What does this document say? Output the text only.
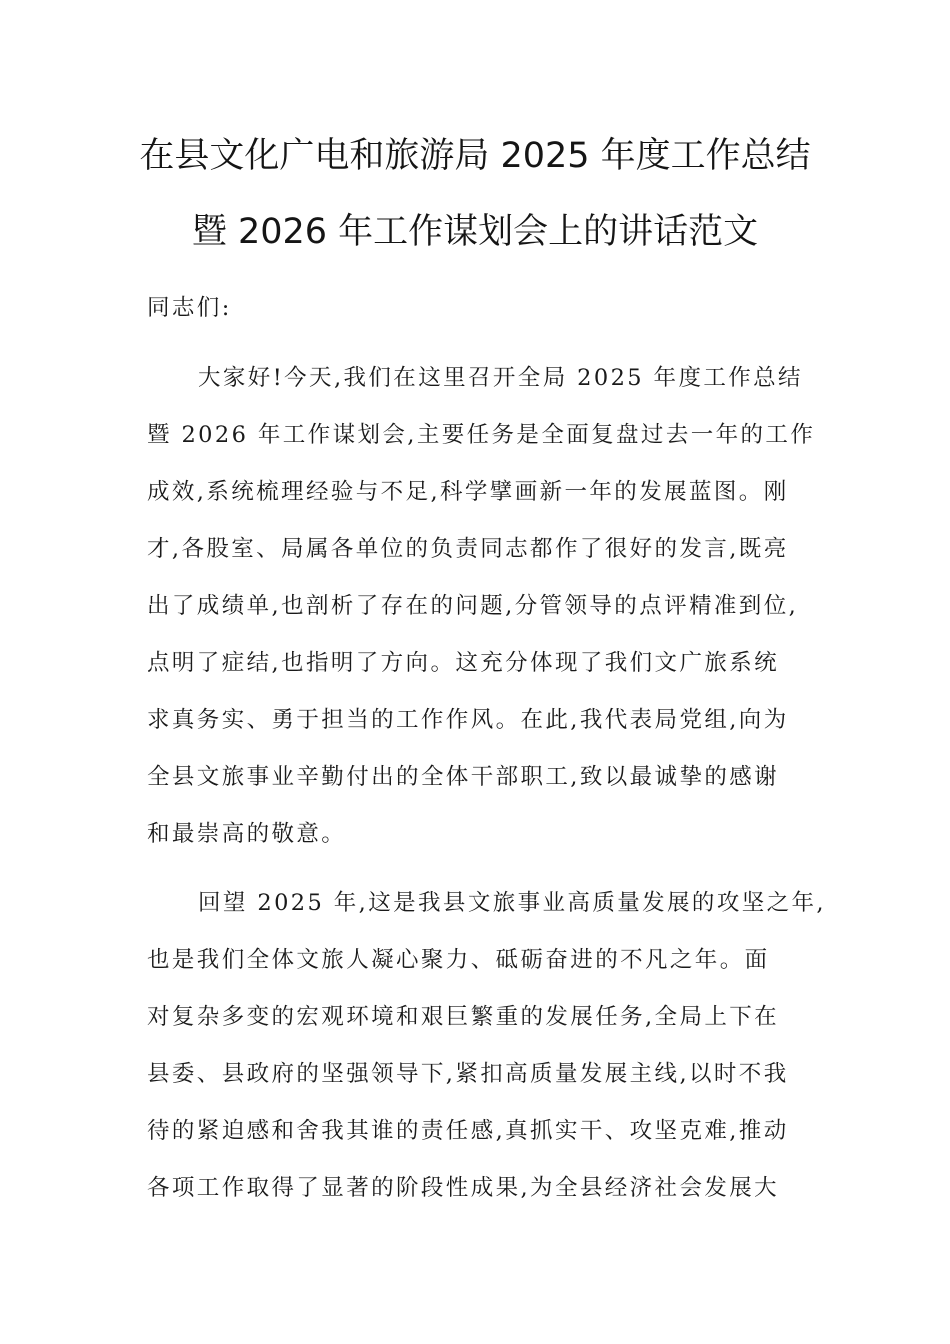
在县文化广电和旅游局 2025 年度工作总结
暨 2026 年工作谋划会上的讲话范文
同志们:
大家好!今天,我们在这里召开全局 2025 年度工作总结
暨 2026 年工作谋划会,主要任务是全面复盘过去一年的工作
成效,系统梳理经验与不足,科学擘画新一年的发展蓝图。刚
才,各股室、局属各单位的负责同志都作了很好的发言,既亮
出了成绩单,也剖析了存在的问题,分管领导的点评精准到位,
点明了症结,也指明了方向。这充分体现了我们文广旅系统
求真务实、勇于担当的工作作风。在此,我代表局党组,向为
全县文旅事业辛勤付出的全体干部职工,致以最诚挚的感谢
和最崇高的敬意。
回望 2025 年,这是我县文旅事业高质量发展的攻坚之年,
也是我们全体文旅人凝心聚力、砥砺奋进的不凡之年。面
对复杂多变的宏观环境和艰巨繁重的发展任务,全局上下在
县委、县政府的坚强领导下,紧扣高质量发展主线,以时不我
待的紧迫感和舍我其谁的责任感,真抓实干、攻坚克难,推动
各项工作取得了显著的阶段性成果,为全县经济社会发展大
